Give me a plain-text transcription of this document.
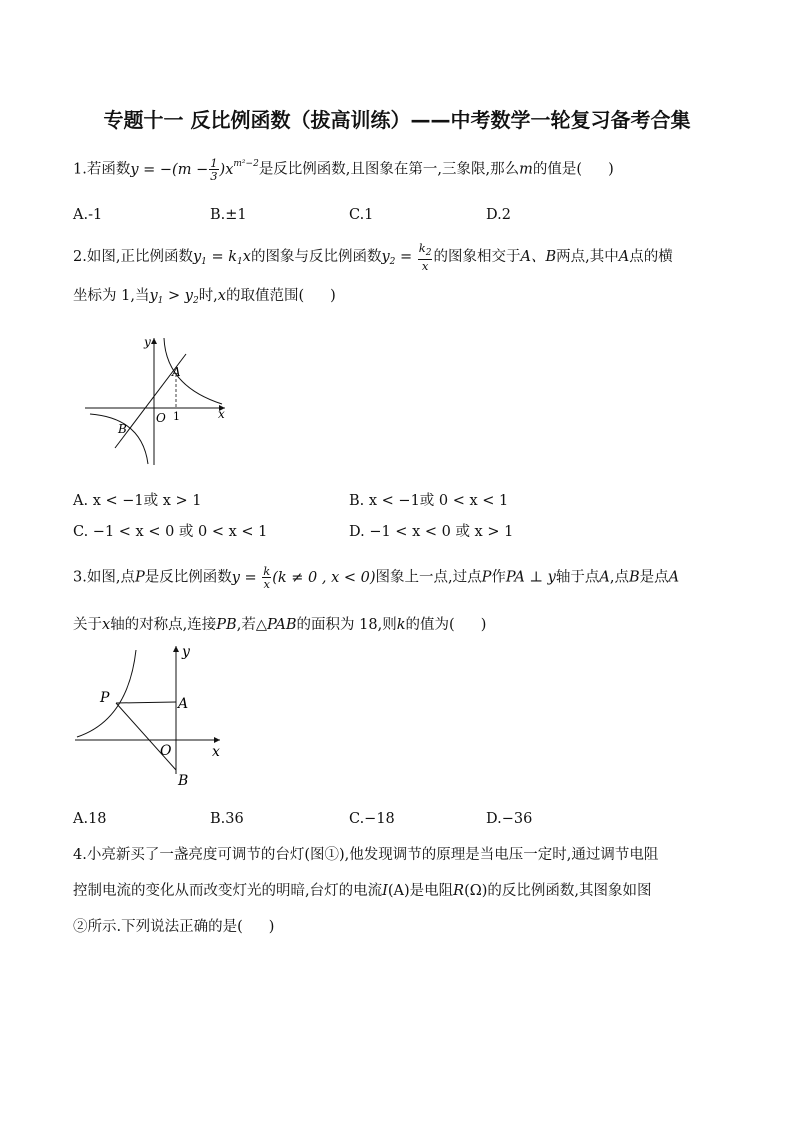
专题十一 反比例函数（拔高训练）——中考数学一轮复习备考合集
1.若函数$y = -(m - \frac{1}{3} )x^{m^2-2}$是反比例函数,且图象在第一,三象限,那么m的值是( )
A.-1	B.±1	C.1	D.2
2.如图,正比例函数$y_1 = k_1x$的图象与反比例函数$y_2 = \frac{k_2}{x}$ 的图象相交于A、B两点,其中A点的横
坐标为 1,当$y_1 > y_2$时,x的取值范围( )
y
x
A
B
O 1
A. x < −1或 x > 1	B. x < −1或 0 < x < 1
C. −1 < x < 0 或 0 < x < 1	D. −1 < x < 0 或 x > 1
3.如图,点P是反比例函数$y = \frac{k}{x} (k \ne 0$ , x < 0)图象上一点,过点P作PA ⊥ y轴于点A,点B是点A
关于x轴的对称点,连接PB,若△PAB的面积为 18,则k的值为( )
P	A
O
B
y
x
A.18	B.36	C.−18	D.−36
4.小亮新买了一盏亮度可调节的台灯(图①),他发现调节的原理是当电压一定时,通过调节电阻
控制电流的变化从而改变灯光的明暗,台灯的电流I(A)是电阻R(Ω)的反比例函数,其图象如图
②所示.下列说法正确的是( )
